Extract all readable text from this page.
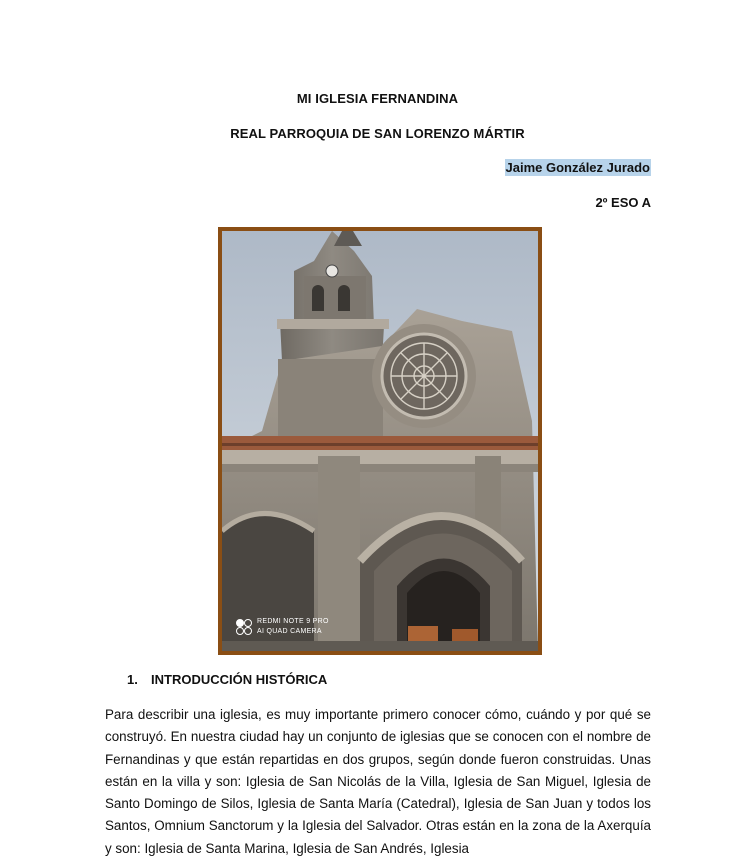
MI IGLESIA FERNANDINA
REAL PARROQUIA DE SAN LORENZO MÁRTIR
Jaime González Jurado
2º ESO A
REDMI NOTE 9 PRO
AI QUAD CAMERA
1. INTRODUCCIÓN HISTÓRICA
Para describir una iglesia, es muy importante primero conocer cómo, cuándo y por qué se construyó. En nuestra ciudad hay un conjunto de iglesias que se conocen con el nombre de Fernandinas y que están repartidas en dos grupos, según donde fueron construidas. Unas están en la villa y son: Iglesia de San Nicolás de la Villa, Iglesia de San Miguel, Iglesia de Santo Domingo de Silos, Iglesia de Santa María (Catedral), Iglesia de San Juan y todos los Santos, Omnium Sanctorum y la Iglesia del Salvador. Otras están en la zona de la Axerquía y son: Iglesia de Santa Marina, Iglesia de San Andrés, Iglesia
